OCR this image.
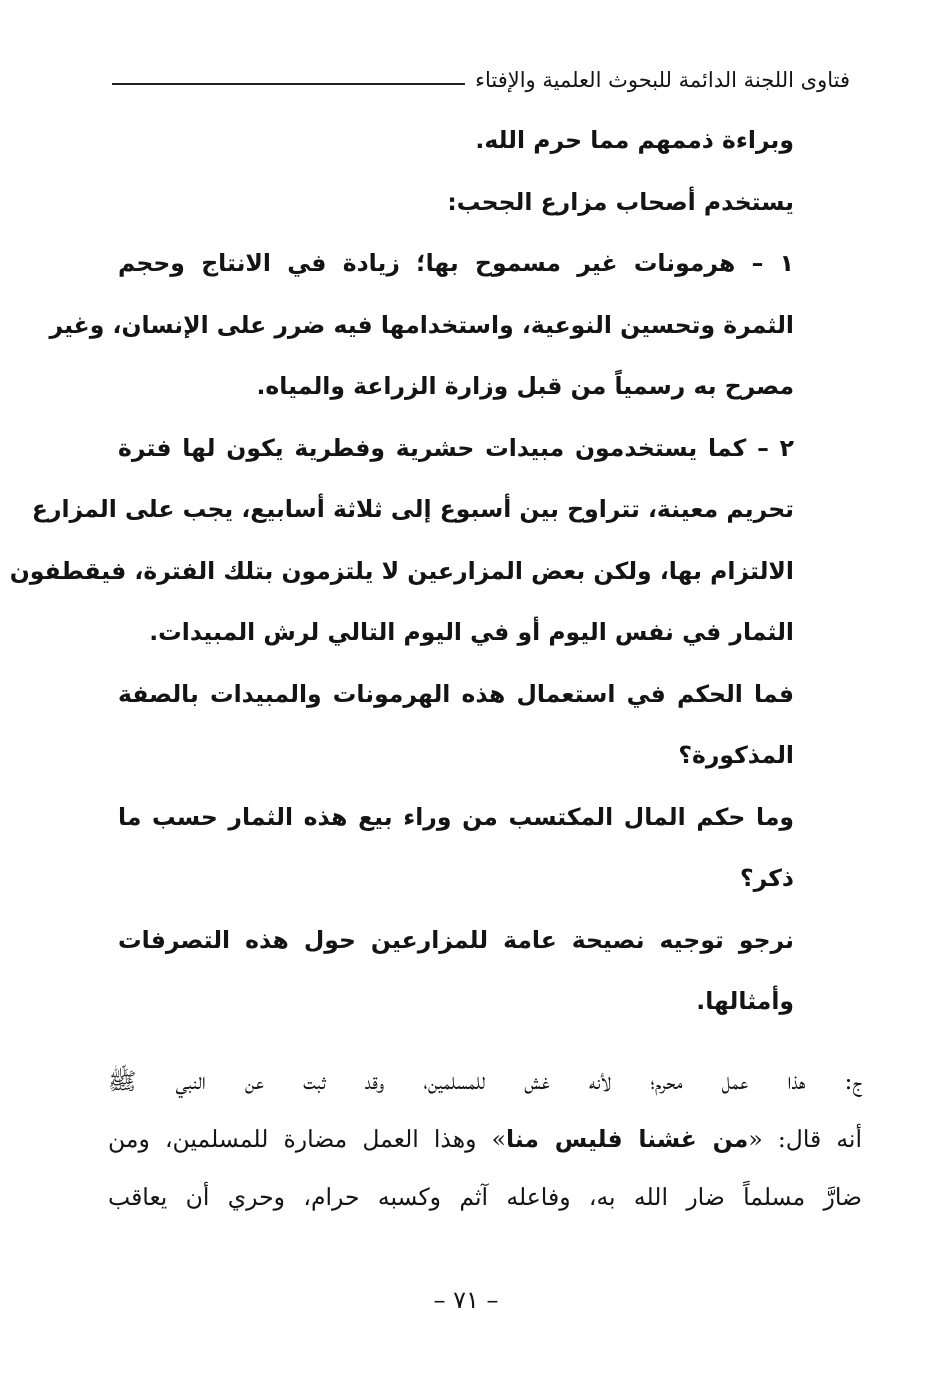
فتاوى اللجنة الدائمة للبحوث العلمية والإفتاء
وبراءة ذممهم مما حرم الله.
يستخدم أصحاب مزارع الجحب:
١ – هرمونات غير مسموح بها؛ زيادة في الانتاج وحجم
الثمرة وتحسين النوعية، واستخدامها فيه ضرر على الإنسان، وغير
مصرح به رسمياً من قبل وزارة الزراعة والمياه.
٢ – كما يستخدمون مبيدات حشرية وفطرية يكون لها فترة
تحريم معينة، تتراوح بين أسبوع إلى ثلاثة أسابيع، يجب على المزارع
الالتزام بها، ولكن بعض المزارعين لا يلتزمون بتلك الفترة، فيقطفون
الثمار في نفس اليوم أو في اليوم التالي لرش المبيدات.
فما الحكم في استعمال هذه الهرمونات والمبيدات بالصفة
المذكورة؟
وما حكم المال المكتسب من وراء بيع هذه الثمار حسب ما
ذكر؟
نرجو توجيه نصيحة عامة للمزارعين حول هذه التصرفات
وأمثالها.
ج: هذا عمل محرم؛ لأنه غش للمسلمين، وقد ثبت عن النبي ﷺ
أنه قال: «من غشنا فليس منا» وهذا العمل مضارة للمسلمين، ومن
ضارَّ مسلماً ضار الله به، وفاعله آثم وكسبه حرام، وحري أن يعاقب
– ٧١ –
